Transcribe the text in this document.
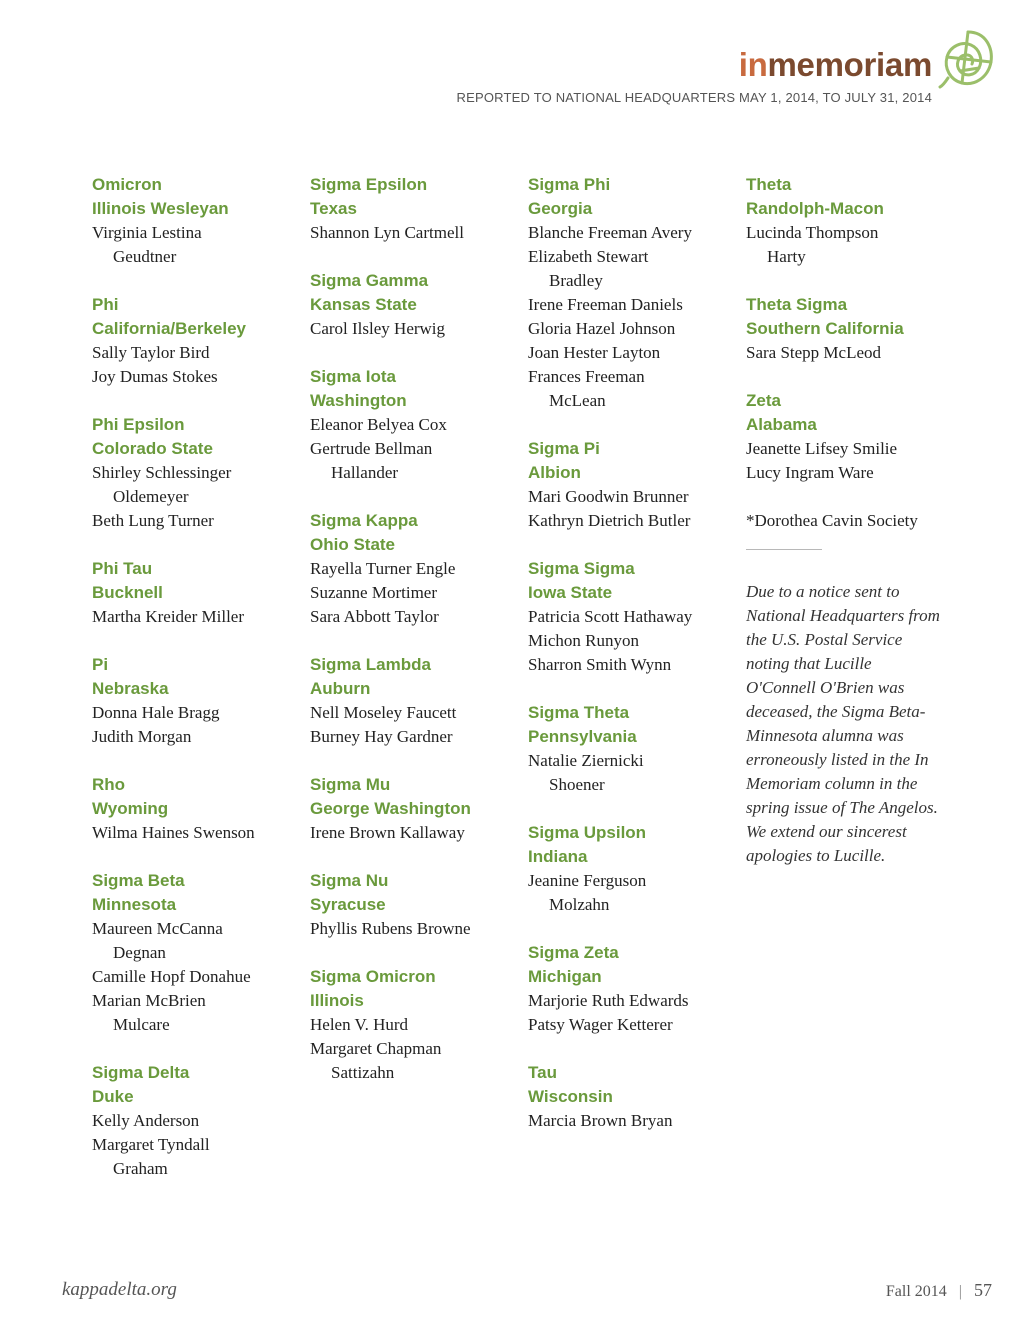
inmemoriam
REPORTED TO NATIONAL HEADQUARTERS MAY 1, 2014, TO JULY 31, 2014
Omicron
Illinois Wesleyan
Virginia Lestina
Geudtner
Phi
California/Berkeley
Sally Taylor Bird
Joy Dumas Stokes
Phi Epsilon
Colorado State
Shirley Schlessinger
Oldemeyer
Beth Lung Turner
Phi Tau
Bucknell
Martha Kreider Miller
Pi
Nebraska
Donna Hale Bragg
Judith Morgan
Rho
Wyoming
Wilma Haines Swenson
Sigma Beta
Minnesota
Maureen McCanna
Degnan
Camille Hopf Donahue
Marian McBrien
Mulcare
Sigma Delta
Duke
Kelly Anderson
Margaret Tyndall
Graham
Sigma Epsilon
Texas
Shannon Lyn Cartmell
Sigma Gamma
Kansas State
Carol Ilsley Herwig
Sigma Iota
Washington
Eleanor Belyea Cox
Gertrude Bellman
Hallander
Sigma Kappa
Ohio State
Rayella Turner Engle
Suzanne Mortimer
Sara Abbott Taylor
Sigma Lambda
Auburn
Nell Moseley Faucett
Burney Hay Gardner
Sigma Mu
George Washington
Irene Brown Kallaway
Sigma Nu
Syracuse
Phyllis Rubens Browne
Sigma Omicron
Illinois
Helen V. Hurd
Margaret Chapman
Sattizahn
Sigma Phi
Georgia
Blanche Freeman Avery
Elizabeth Stewart
Bradley
Irene Freeman Daniels
Gloria Hazel Johnson
Joan Hester Layton
Frances Freeman
McLean
Sigma Pi
Albion
Mari Goodwin Brunner
Kathryn Dietrich Butler
Sigma Sigma
Iowa State
Patricia Scott Hathaway
Michon Runyon
Sharron Smith Wynn
Sigma Theta
Pennsylvania
Natalie Ziernicki
Shoener
Sigma Upsilon
Indiana
Jeanine Ferguson
Molzahn
Sigma Zeta
Michigan
Marjorie Ruth Edwards
Patsy Wager Ketterer
Tau
Wisconsin
Marcia Brown Bryan
Theta
Randolph-Macon
Lucinda Thompson
Harty
Theta Sigma
Southern California
Sara Stepp McLeod
Zeta
Alabama
Jeanette Lifsey Smilie
Lucy Ingram Ware
*Dorothea Cavin Society
Due to a notice sent to National Headquarters from the U.S. Postal Service noting that Lucille O'Connell O'Brien was deceased, the Sigma Beta-Minnesota alumna was erroneously listed in the In Memoriam column in the spring issue of The Angelos. We extend our sincerest apologies to Lucille.
kappadelta.org	Fall 2014 | 57
